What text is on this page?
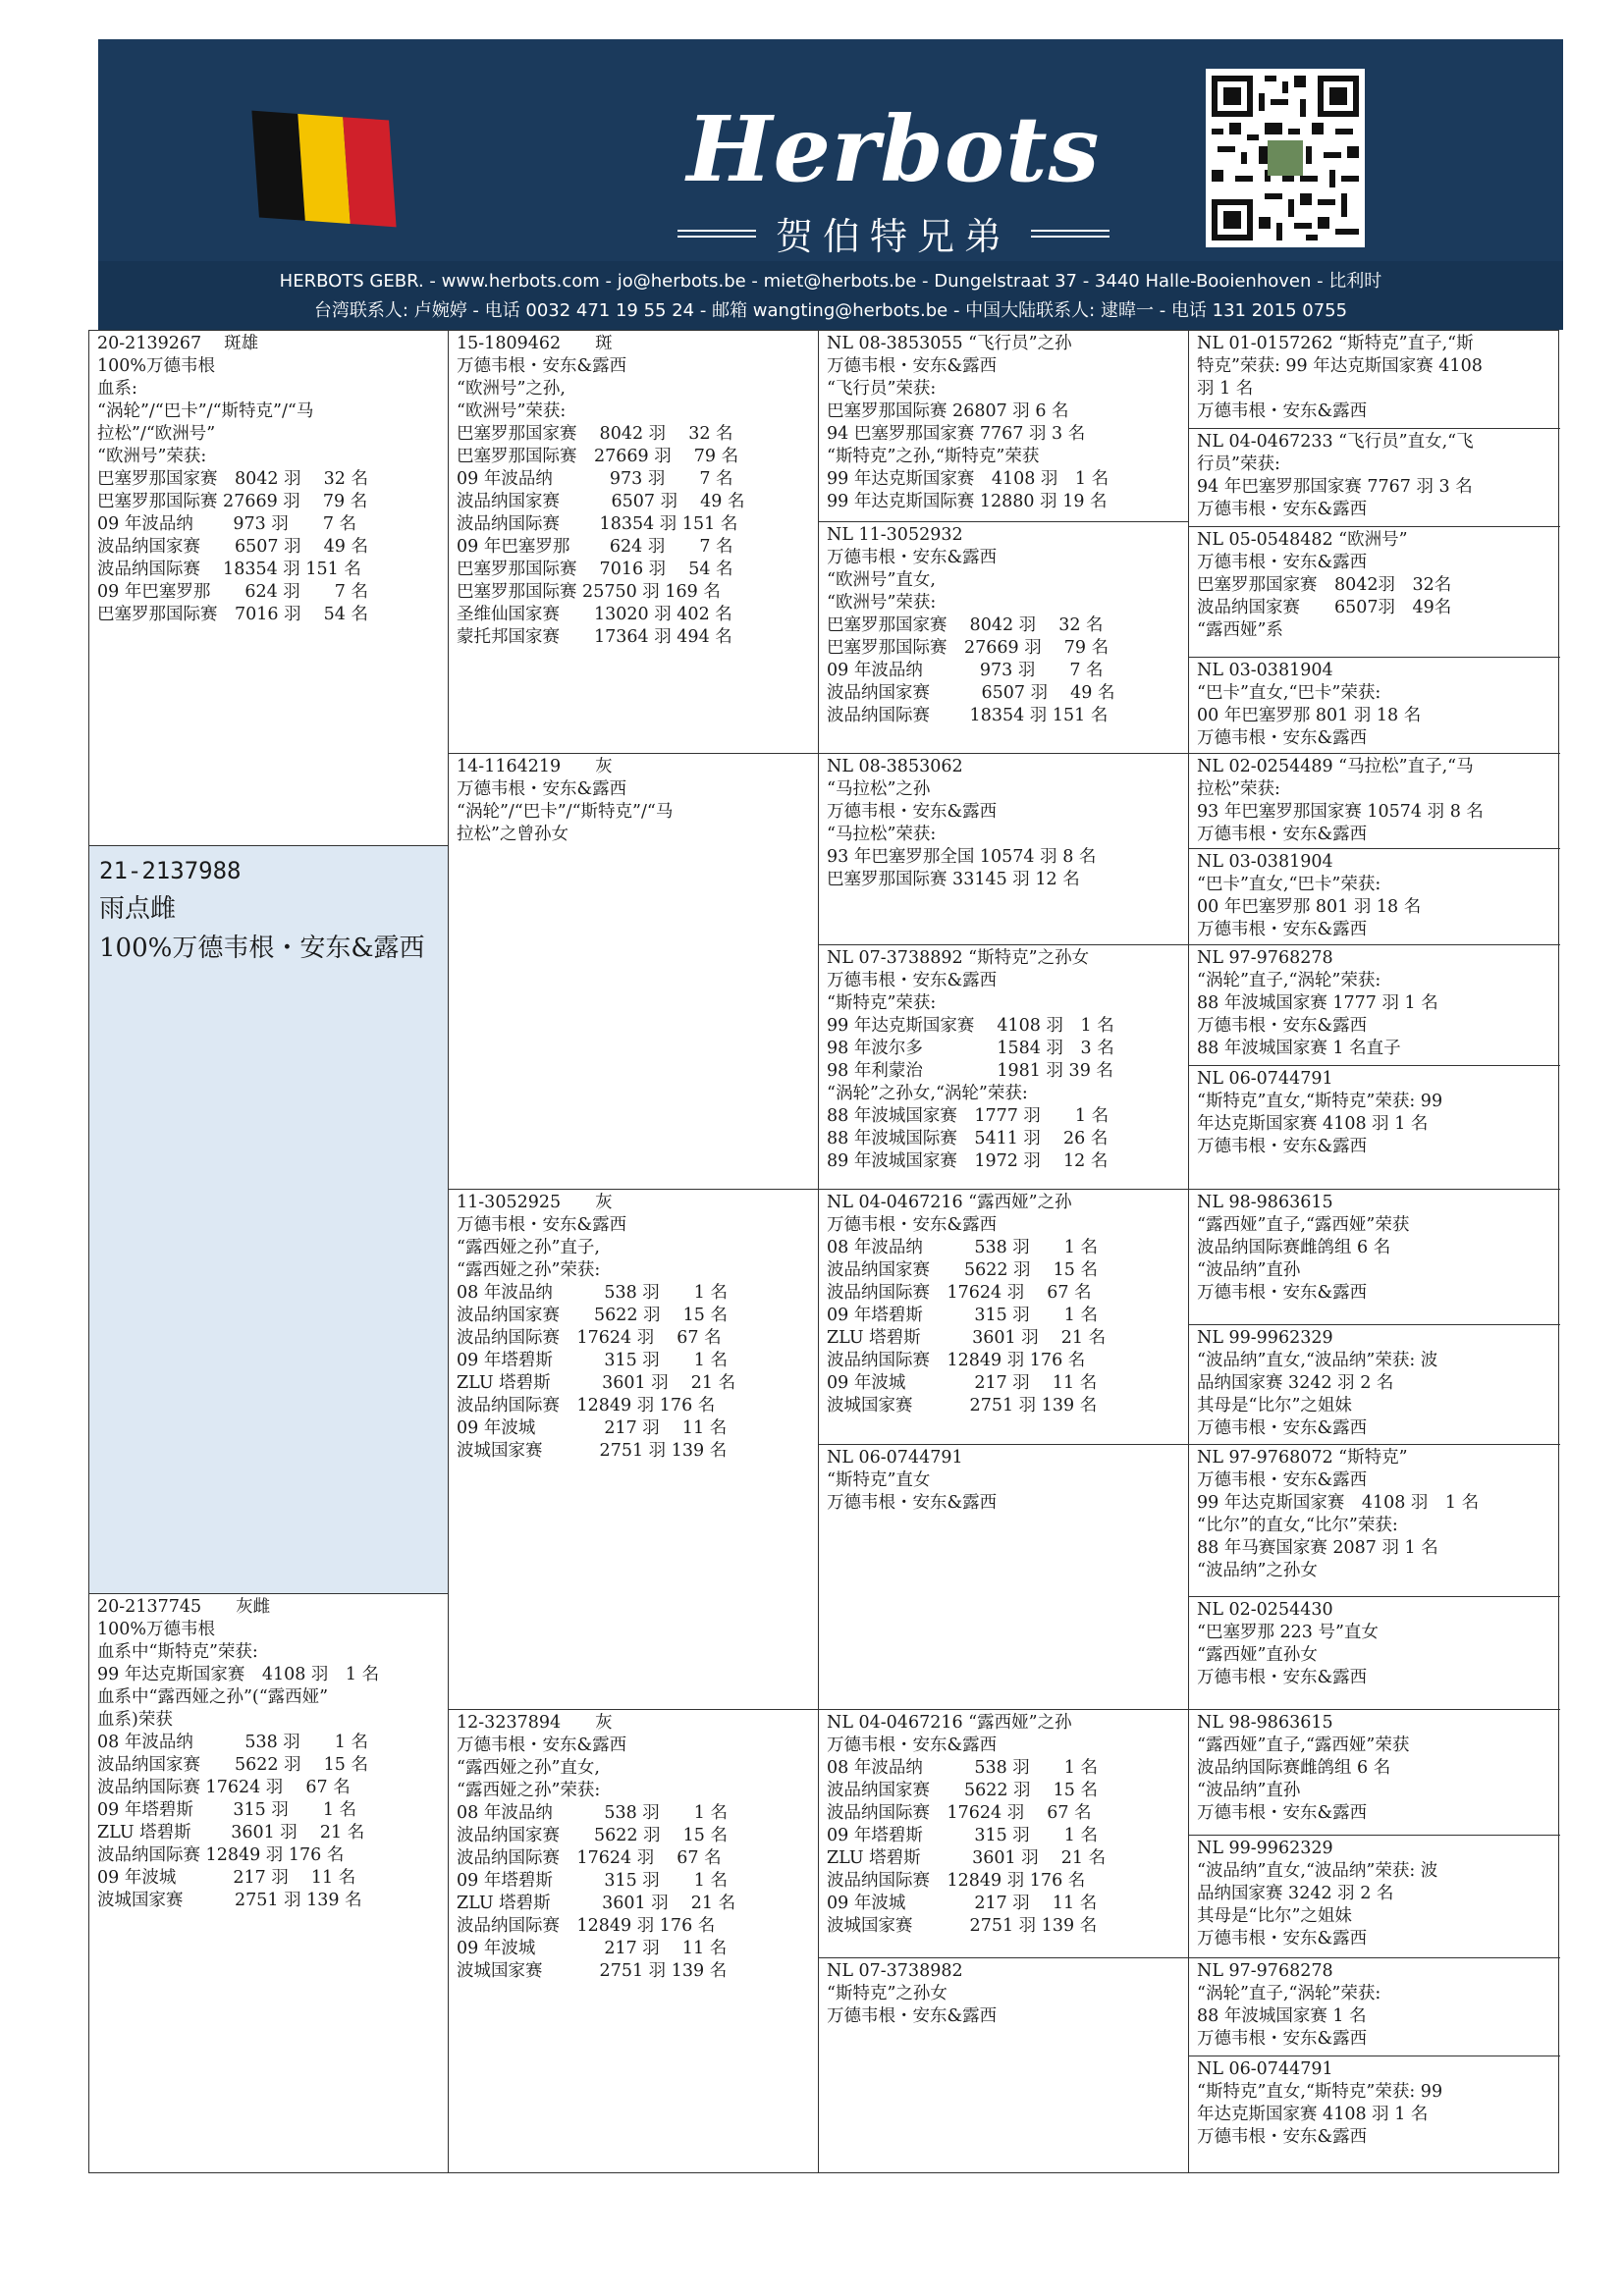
Herbots
贺伯特兄弟
HERBOTS GEBR. - www.herbots.com - jo@herbots.be - miet@herbots.be - Dungelstraat 37 - 3440 Halle-Booienhoven - 比利时
台湾联系人: 卢婉婷 - 电话 0032 471 19 55 24 - 邮箱 wangting@herbots.be - 中国大陆联系人: 逮暐一 - 电话 131 2015 0755
20-2139267　 斑雄
100%万德韦根
血系:
“涡轮”/“巴卡”/“斯特克”/“马
拉松”/“欧洲号”
“欧洲号”荣获:
巴塞罗那国家赛　8042 羽　 32 名
巴塞罗那国际赛 27669 羽　 79 名
09 年波品纳　　 973 羽　　7 名
波品纳国家赛　　6507 羽　 49 名
波品纳国际赛　 18354 羽 151 名
09 年巴塞罗那　　624 羽　　7 名
巴塞罗那国际赛　7016 羽　 54 名
21-2137988
雨点雌
100%万德韦根・安东&露西
20-2137745　　灰雌
100%万德韦根
血系中“斯特克”荣获:
99 年达克斯国家赛　4108 羽　1 名
血系中“露西娅之孙”(“露西娅”
血系)荣获
08 年波品纳　　　538 羽　　1 名
波品纳国家赛　　5622 羽　 15 名
波品纳国际赛 17624 羽　 67 名
09 年塔碧斯　　 315 羽　　1 名
ZLU 塔碧斯　　 3601 羽　 21 名
波品纳国际赛 12849 羽 176 名
09 年波城　　　 217 羽　 11 名
波城国家赛　　　2751 羽 139 名
15-1809462　　斑
万德韦根・安东&露西
“欧洲号”之孙,
“欧洲号”荣获:
巴塞罗那国家赛　 8042 羽　 32 名
巴塞罗那国际赛　27669 羽　 79 名
09 年波品纳　　　 973 羽　　7 名
波品纳国家赛　　　6507 羽　 49 名
波品纳国际赛　　 18354 羽 151 名
09 年巴塞罗那　　 624 羽　　7 名
巴塞罗那国际赛　 7016 羽　 54 名
巴塞罗那国际赛 25750 羽 169 名
圣维仙国家赛　　13020 羽 402 名
蒙托邦国家赛　　17364 羽 494 名
14-1164219　　灰
万德韦根・安东&露西
“涡轮”/“巴卡”/“斯特克”/“马
拉松”之曾孙女
11-3052925　　灰
万德韦根・安东&露西
“露西娅之孙”直子,
“露西娅之孙”荣获:
08 年波品纳　　　538 羽　　1 名
波品纳国家赛　　5622 羽　 15 名
波品纳国际赛　17624 羽　 67 名
09 年塔碧斯　　　315 羽　　1 名
ZLU 塔碧斯　　　3601 羽　 21 名
波品纳国际赛　12849 羽 176 名
09 年波城　　　　217 羽　 11 名
波城国家赛　　　 2751 羽 139 名
12-3237894　　灰
万德韦根・安东&露西
“露西娅之孙”直女,
“露西娅之孙”荣获:
08 年波品纳　　　538 羽　　1 名
波品纳国家赛　　5622 羽　 15 名
波品纳国际赛　17624 羽　 67 名
09 年塔碧斯　　　315 羽　　1 名
ZLU 塔碧斯　　　3601 羽　 21 名
波品纳国际赛　12849 羽 176 名
09 年波城　　　　217 羽　 11 名
波城国家赛　　　 2751 羽 139 名
NL 08-3853055 “飞行员”之孙
万德韦根・安东&露西
“飞行员”荣获:
巴塞罗那国际赛 26807 羽 6 名
94 巴塞罗那国家赛 7767 羽 3 名
“斯特克”之孙,“斯特克”荣获
99 年达克斯国家赛　4108 羽　1 名
99 年达克斯国际赛 12880 羽 19 名
NL 11-3052932
万德韦根・安东&露西
“欧洲号”直女,
“欧洲号”荣获:
巴塞罗那国家赛　 8042 羽　 32 名
巴塞罗那国际赛　27669 羽　 79 名
09 年波品纳　　　 973 羽　　7 名
波品纳国家赛　　　6507 羽　 49 名
波品纳国际赛　　 18354 羽 151 名
NL 08-3853062
“马拉松”之孙
万德韦根・安东&露西
“马拉松”荣获:
93 年巴塞罗那全国 10574 羽 8 名
巴塞罗那国际赛 33145 羽 12 名
NL 07-3738892 “斯特克”之孙女
万德韦根・安东&露西
“斯特克”荣获:
99 年达克斯国家赛　 4108 羽　1 名
98 年波尔多　　　　 1584 羽　3 名
98 年利蒙治　　　　 1981 羽 39 名
“涡轮”之孙女,“涡轮”荣获:
88 年波城国家赛　1777 羽　　1 名
88 年波城国际赛　5411 羽　 26 名
89 年波城国家赛　1972 羽　 12 名
NL 04-0467216 “露西娅”之孙
万德韦根・安东&露西
08 年波品纳　　　538 羽　　1 名
波品纳国家赛　　5622 羽　 15 名
波品纳国际赛　17624 羽　 67 名
09 年塔碧斯　　　315 羽　　1 名
ZLU 塔碧斯　　　3601 羽　 21 名
波品纳国际赛　12849 羽 176 名
09 年波城　　　　217 羽　 11 名
波城国家赛　　　 2751 羽 139 名
NL 06-0744791
“斯特克”直女
万德韦根・安东&露西
NL 04-0467216 “露西娅”之孙
万德韦根・安东&露西
08 年波品纳　　　538 羽　　1 名
波品纳国家赛　　5622 羽　 15 名
波品纳国际赛　17624 羽　 67 名
09 年塔碧斯　　　315 羽　　1 名
ZLU 塔碧斯　　　3601 羽　 21 名
波品纳国际赛　12849 羽 176 名
09 年波城　　　　217 羽　 11 名
波城国家赛　　　 2751 羽 139 名
NL 07-3738982
“斯特克”之孙女
万德韦根・安东&露西
NL 01-0157262 “斯特克”直子,“斯
特克”荣获: 99 年达克斯国家赛 4108
羽 1 名
万德韦根・安东&露西
NL 04-0467233 “飞行员”直女,“飞
行员”荣获:
94 年巴塞罗那国家赛 7767 羽 3 名
万德韦根・安东&露西
NL 05-0548482 “欧洲号”
万德韦根・安东&露西
巴塞罗那国家赛　8042羽　32名
波品纳国家赛　　6507羽　49名
“露西娅”系
NL 03-0381904
“巴卡”直女,“巴卡”荣获:
00 年巴塞罗那 801 羽 18 名
万德韦根・安东&露西
NL 02-0254489 “马拉松”直子,“马
拉松”荣获:
93 年巴塞罗那国家赛 10574 羽 8 名
万德韦根・安东&露西
NL 03-0381904
“巴卡”直女,“巴卡”荣获:
00 年巴塞罗那 801 羽 18 名
万德韦根・安东&露西
NL 97-9768278
“涡轮”直子,“涡轮”荣获:
88 年波城国家赛 1777 羽 1 名
万德韦根・安东&露西
88 年波城国家赛 1 名直子
NL 06-0744791
“斯特克”直女,“斯特克”荣获: 99
年达克斯国家赛 4108 羽 1 名
万德韦根・安东&露西
NL 98-9863615
“露西娅”直子,“露西娅”荣获
波品纳国际赛雌鸽组 6 名
“波品纳”直孙
万德韦根・安东&露西
NL 99-9962329
“波品纳”直女,“波品纳”荣获: 波
品纳国家赛 3242 羽 2 名
其母是“比尔”之姐妹
万德韦根・安东&露西
NL 97-9768072 “斯特克”
万德韦根・安东&露西
99 年达克斯国家赛　4108 羽　1 名
“比尔”的直女,“比尔”荣获:
88 年马赛国家赛 2087 羽 1 名
“波品纳”之孙女
NL 02-0254430
“巴塞罗那 223 号”直女
“露西娅”直孙女
万德韦根・安东&露西
NL 98-9863615
“露西娅”直子,“露西娅”荣获
波品纳国际赛雌鸽组 6 名
“波品纳”直孙
万德韦根・安东&露西
NL 99-9962329
“波品纳”直女,“波品纳”荣获: 波
品纳国家赛 3242 羽 2 名
其母是“比尔”之姐妹
万德韦根・安东&露西
NL 97-9768278
“涡轮”直子,“涡轮”荣获:
88 年波城国家赛 1 名
万德韦根・安东&露西
NL 06-0744791
“斯特克”直女,“斯特克”荣获: 99
年达克斯国家赛 4108 羽 1 名
万德韦根・安东&露西
